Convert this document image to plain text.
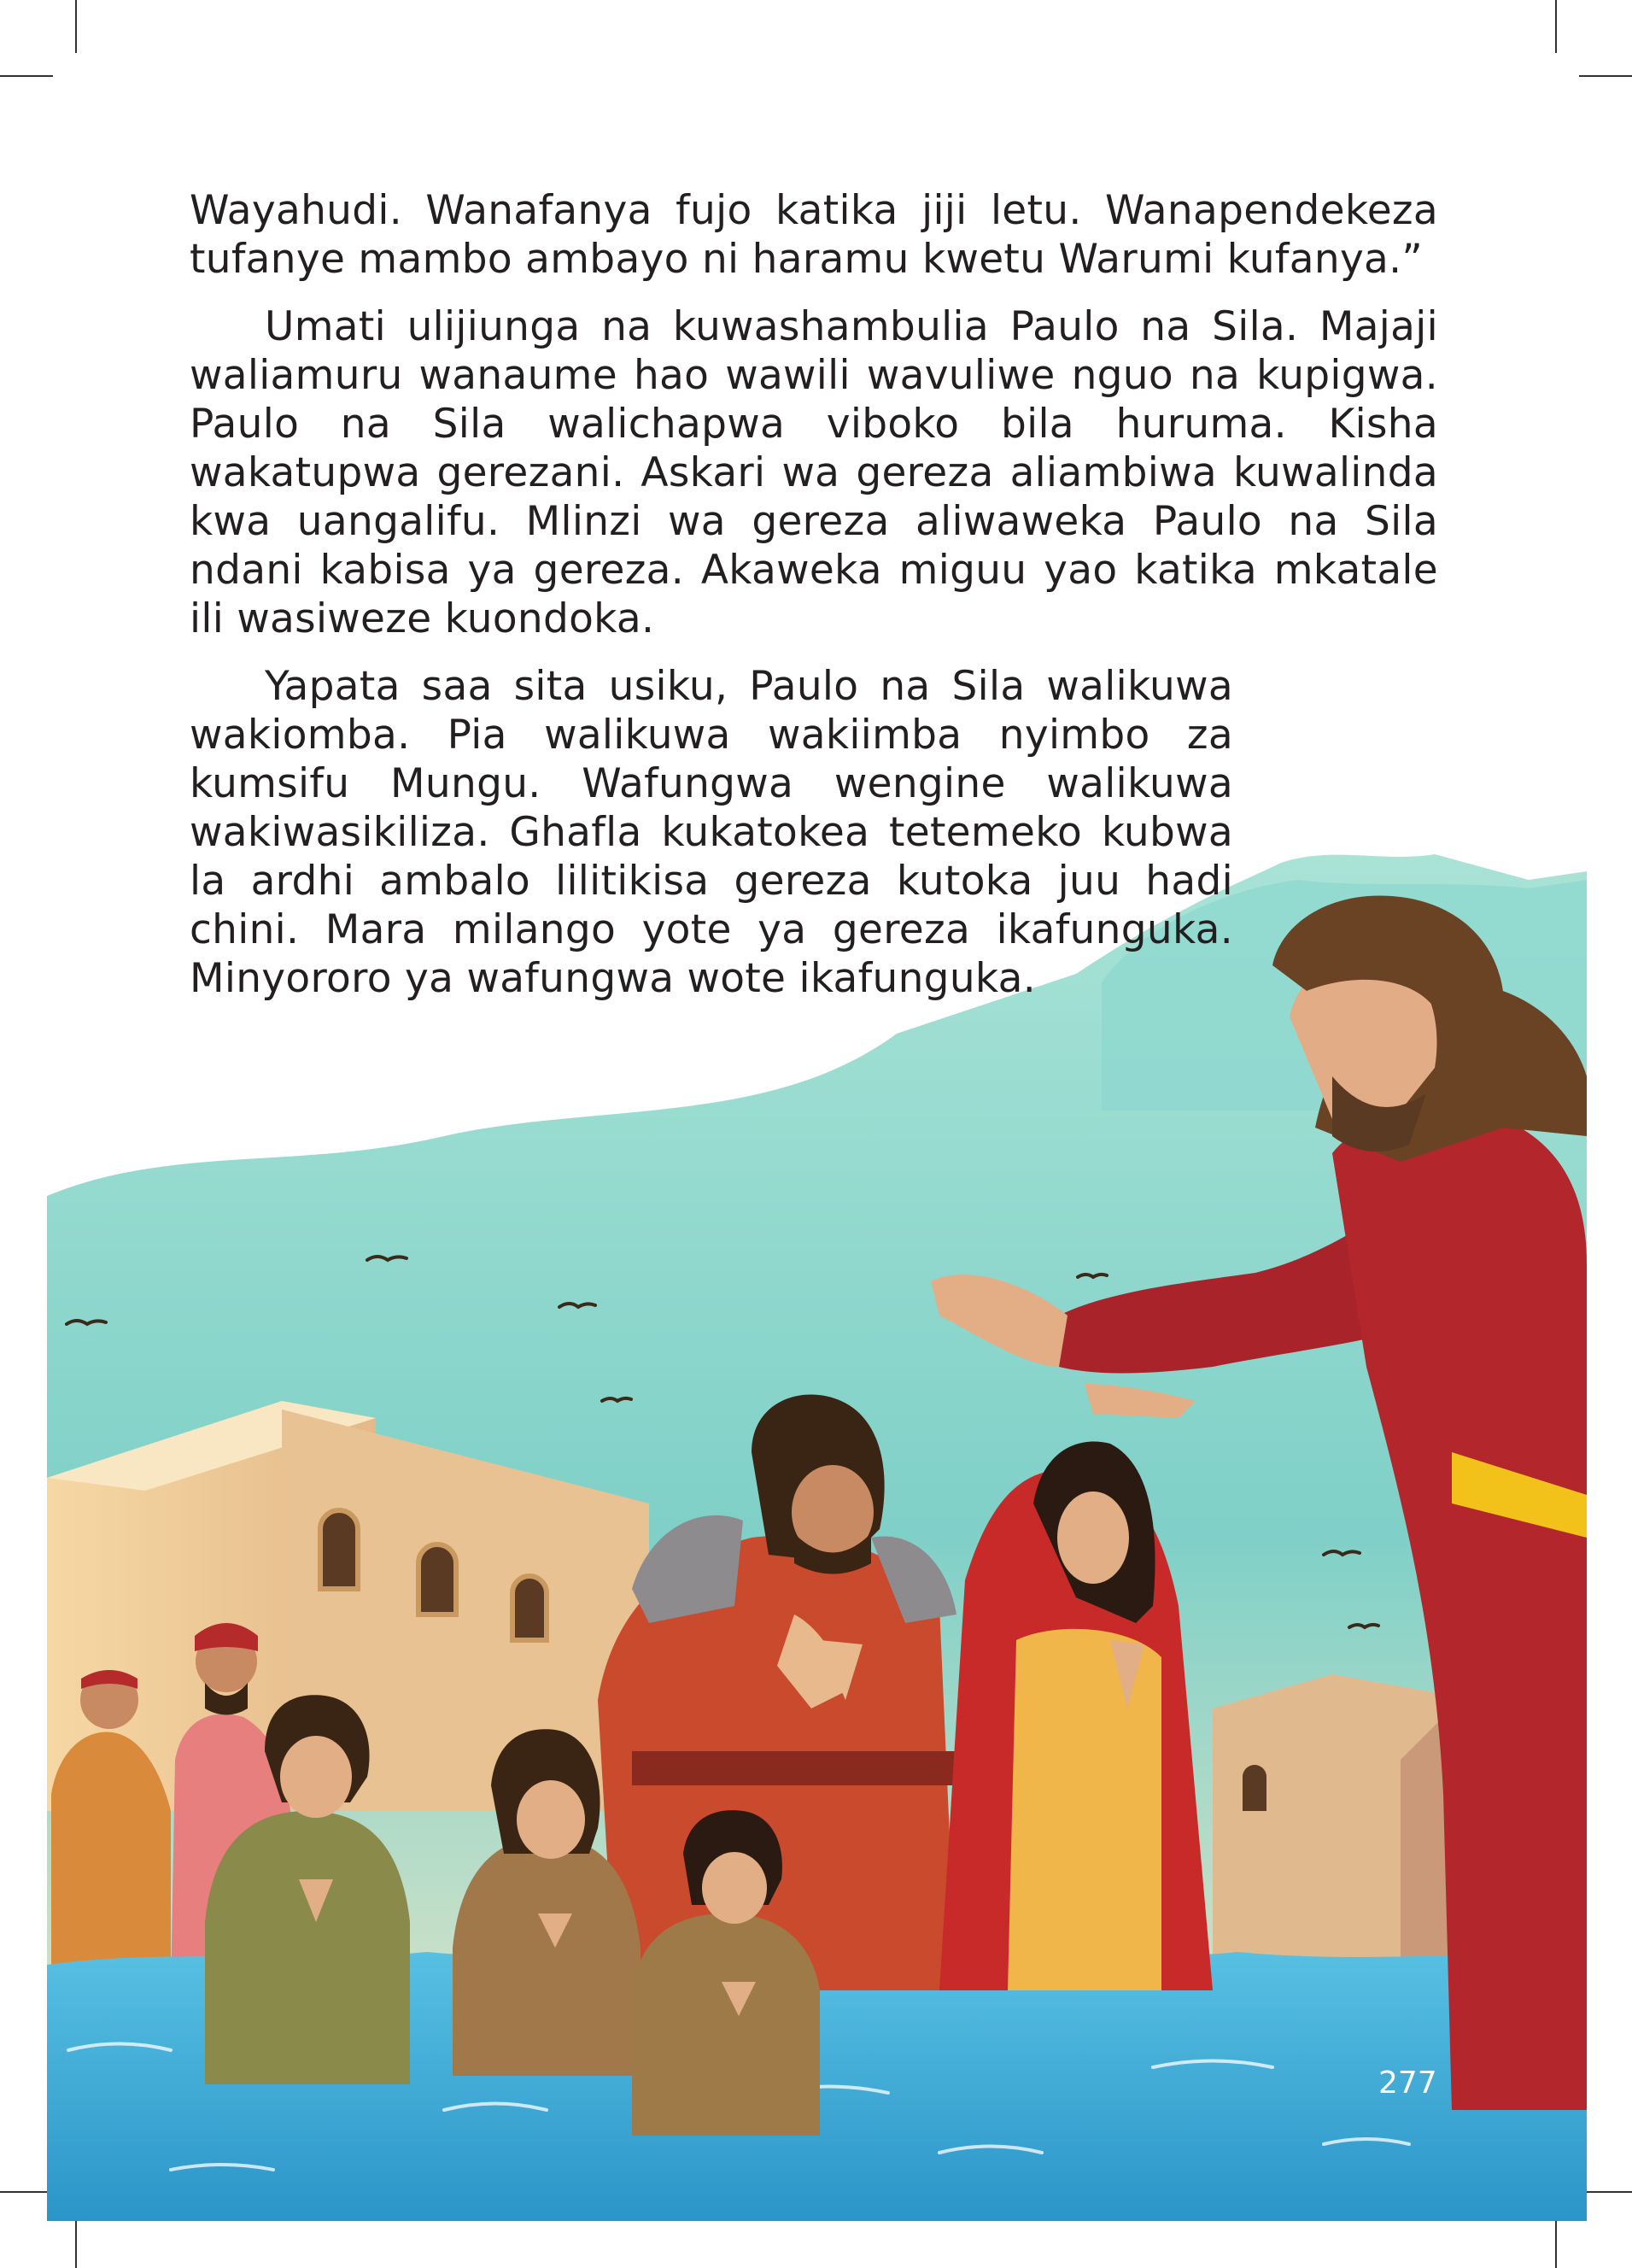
Wayahudi. Wanafanya fujo katika jiji letu. Wanapendekeza tufanye mambo ambayo ni haramu kwetu Warumi kufanya.”

Umati ulijiunga na kuwashambulia Paulo na Sila. Majaji waliamuru wanaume hao wawili wavuliwe nguo na kupigwa. Paulo na Sila walichapwa viboko bila huruma. Kisha wakatupwa gerezani. Askari wa gereza aliambiwa kuwalinda kwa uangalifu. Mlinzi wa gereza aliwaweka Paulo na Sila ndani kabisa ya gereza. Akaweka miguu yao katika mkatale ili wasiweze kuondoka.

Yapata saa sita usiku, Paulo na Sila walikuwa wakiomba. Pia walikuwa wakiimba nyimbo za kumsifu Mungu. Wafungwa wengine walikuwa wakiwasikiliza. Ghafla kukatokea tetemeko kubwa la ardhi ambalo lilitikisa gereza kutoka juu hadi chini. Mara milango yote ya gereza ikafunguka. Minyororo ya wafungwa wote ikafunguka.

277
